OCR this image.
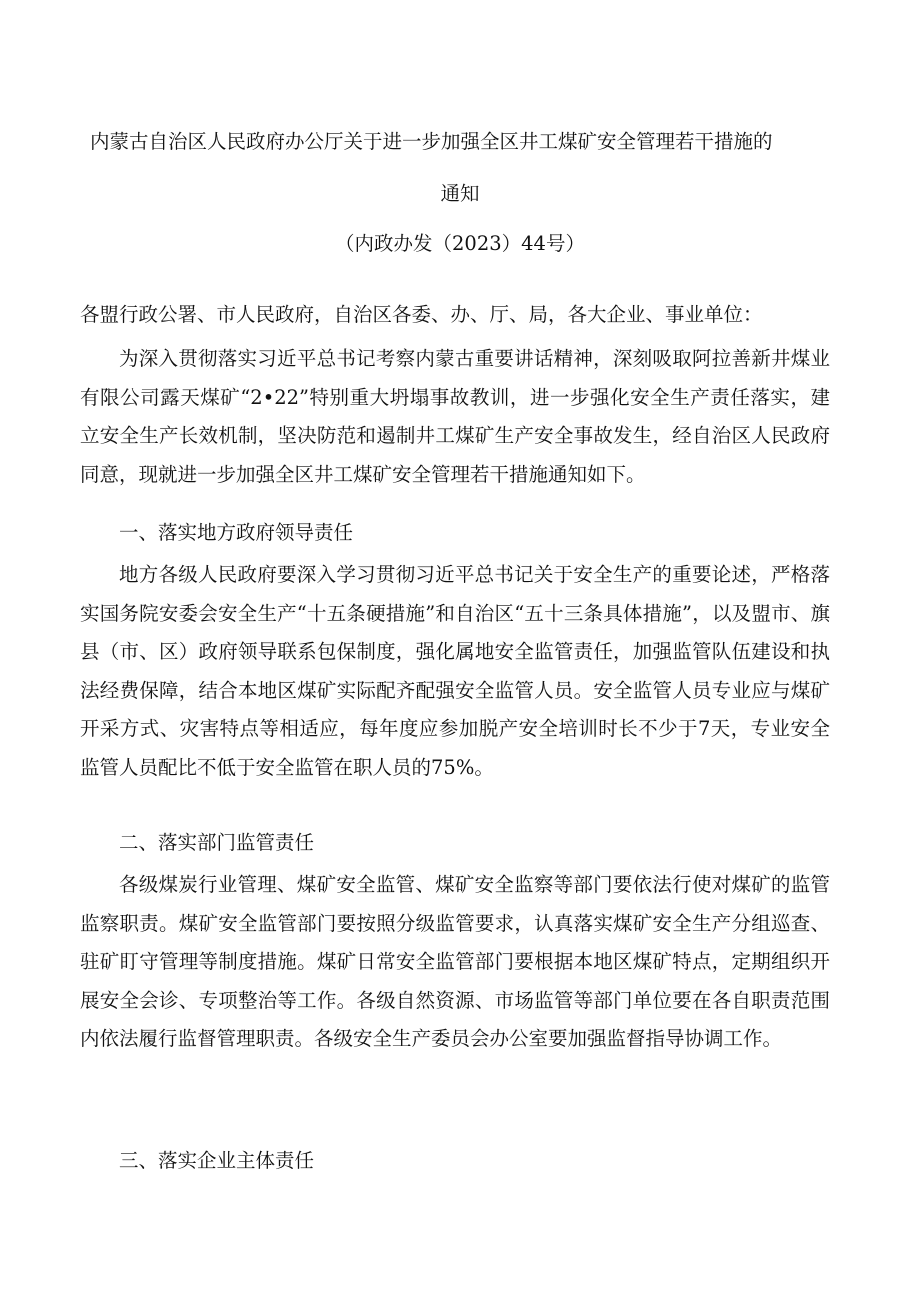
内蒙古自治区人民政府办公厅关于进一步加强全区井工煤矿安全管理若干措施的
通知
（内政办发（2023）44号）

各盟行政公署、市人民政府，自治区各委、办、厅、局，各大企业、事业单位：

为深入贯彻落实习近平总书记考察内蒙古重要讲话精神，深刻吸取阿拉善新井煤业有限公司露天煤矿“2•22”特别重大坍塌事故教训，进一步强化安全生产责任落实，建立安全生产长效机制，坚决防范和遏制井工煤矿生产安全事故发生，经自治区人民政府同意，现就进一步加强全区井工煤矿安全管理若干措施通知如下。

一、落实地方政府领导责任

地方各级人民政府要深入学习贯彻习近平总书记关于安全生产的重要论述，严格落实国务院安委会安全生产“十五条硬措施”和自治区“五十三条具体措施”，以及盟市、旗县（市、区）政府领导联系包保制度，强化属地安全监管责任，加强监管队伍建设和执法经费保障，结合本地区煤矿实际配齐配强安全监管人员。安全监管人员专业应与煤矿开采方式、灾害特点等相适应，每年度应参加脱产安全培训时长不少于7天，专业安全监管人员配比不低于安全监管在职人员的75%。

二、落实部门监管责任

各级煤炭行业管理、煤矿安全监管、煤矿安全监察等部门要依法行使对煤矿的监管监察职责。煤矿安全监管部门要按照分级监管要求，认真落实煤矿安全生产分组巡查、驻矿盯守管理等制度措施。煤矿日常安全监管部门要根据本地区煤矿特点，定期组织开展安全会诊、专项整治等工作。各级自然资源、市场监管等部门单位要在各自职责范围内依法履行监督管理职责。各级安全生产委员会办公室要加强监督指导协调工作。

三、落实企业主体责任
